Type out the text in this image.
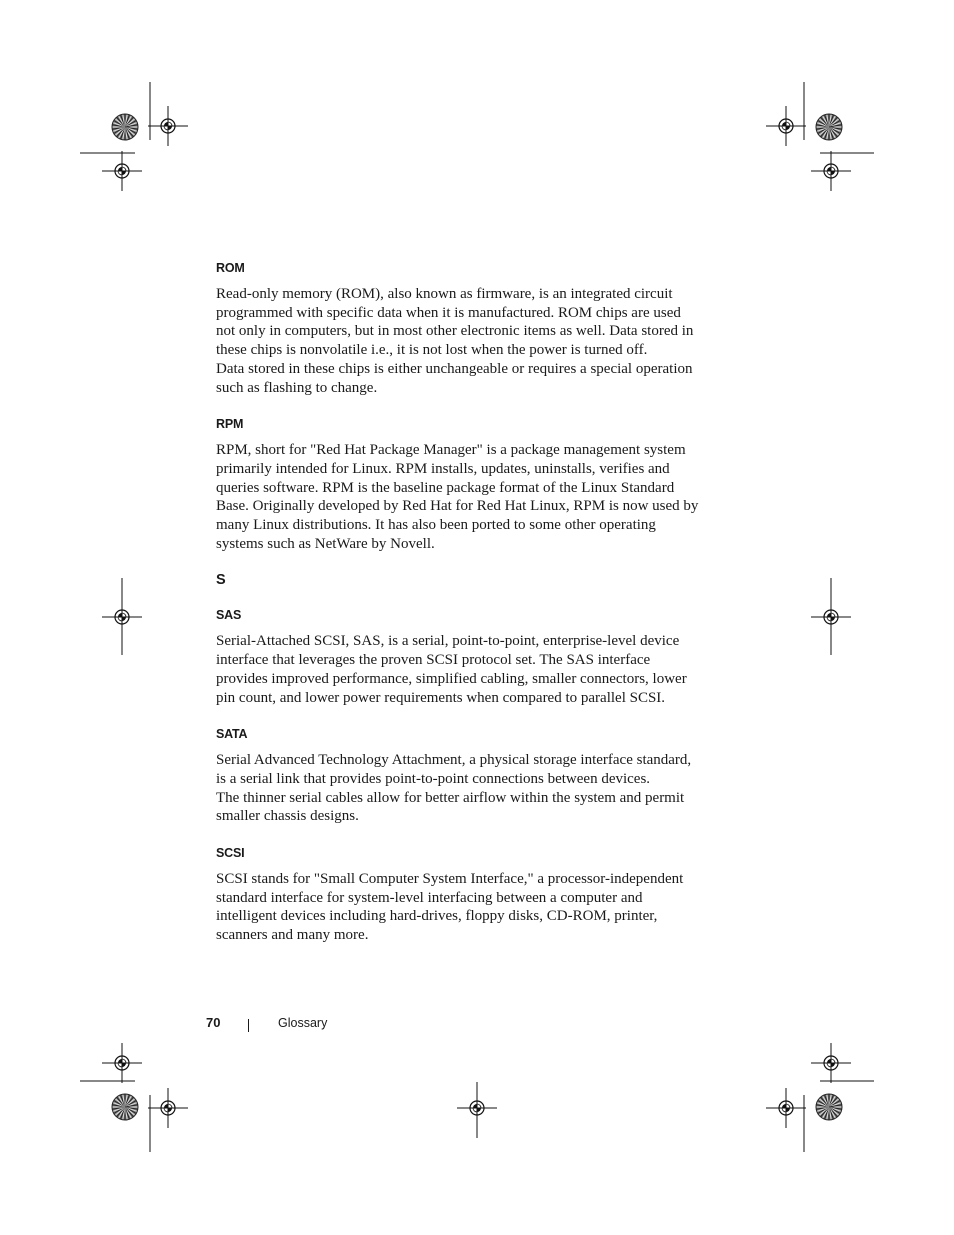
ROM
Read-only memory (ROM), also known as firmware, is an integrated circuit
programmed with specific data when it is manufactured. ROM chips are used
not only in computers, but in most other electronic items as well. Data stored in
these chips is nonvolatile i.e., it is not lost when the power is turned off.
Data stored in these chips is either unchangeable or requires a special operation
such as flashing to change.
RPM
RPM, short for "Red Hat Package Manager" is a package management system
primarily intended for Linux. RPM installs, updates, uninstalls, verifies and
queries software. RPM is the baseline package format of the Linux Standard
Base. Originally developed by Red Hat for Red Hat Linux, RPM is now used by
many Linux distributions. It has also been ported to some other operating
systems such as NetWare by Novell.
S
SAS
Serial-Attached SCSI, SAS, is a serial, point-to-point, enterprise-level device
interface that leverages the proven SCSI protocol set. The SAS interface
provides improved performance, simplified cabling, smaller connectors, lower
pin count, and lower power requirements when compared to parallel SCSI.
SATA
Serial Advanced Technology Attachment, a physical storage interface standard,
is a serial link that provides point-to-point connections between devices.
The thinner serial cables allow for better airflow within the system and permit
smaller chassis designs.
SCSI
SCSI stands for "Small Computer System Interface," a processor-independent
standard interface for system-level interfacing between a computer and
intelligent devices including hard-drives, floppy disks, CD-ROM, printer,
scanners and many more.
70	Glossary
